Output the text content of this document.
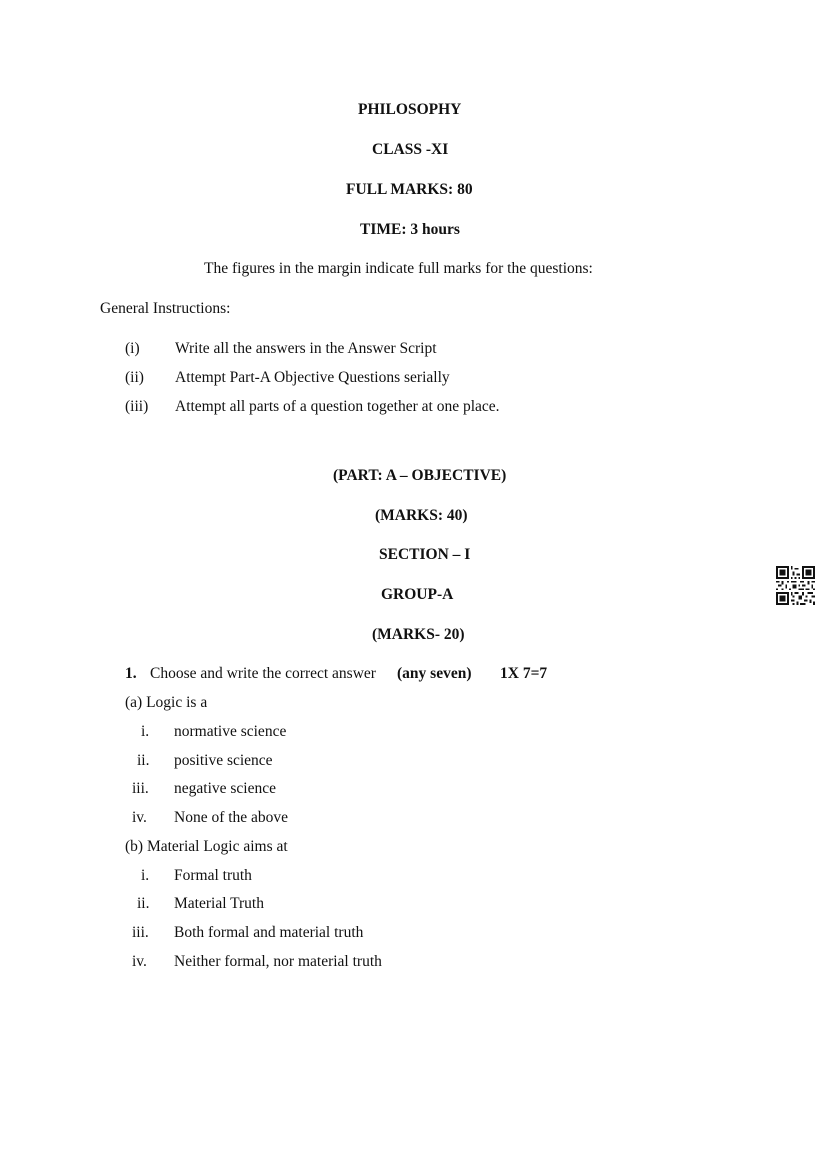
PHILOSOPHY
CLASS -XI
FULL MARKS: 80
TIME: 3 hours
The figures in the margin indicate full marks for the questions:
General Instructions:
(i) Write all the answers in the Answer Script
(ii) Attempt Part-A Objective Questions serially
(iii) Attempt all parts of a question together at one place.
(PART: A – OBJECTIVE)
(MARKS: 40)
SECTION – I
GROUP-A
(MARKS- 20)
1. Choose and write the correct answer (any seven) 1X 7=7
(a) Logic is a
i. normative science
ii. positive science
iii. negative science
iv. None of the above
(b) Material Logic aims at
i. Formal truth
ii. Material Truth
iii. Both formal and material truth
iv. Neither formal, nor material truth
